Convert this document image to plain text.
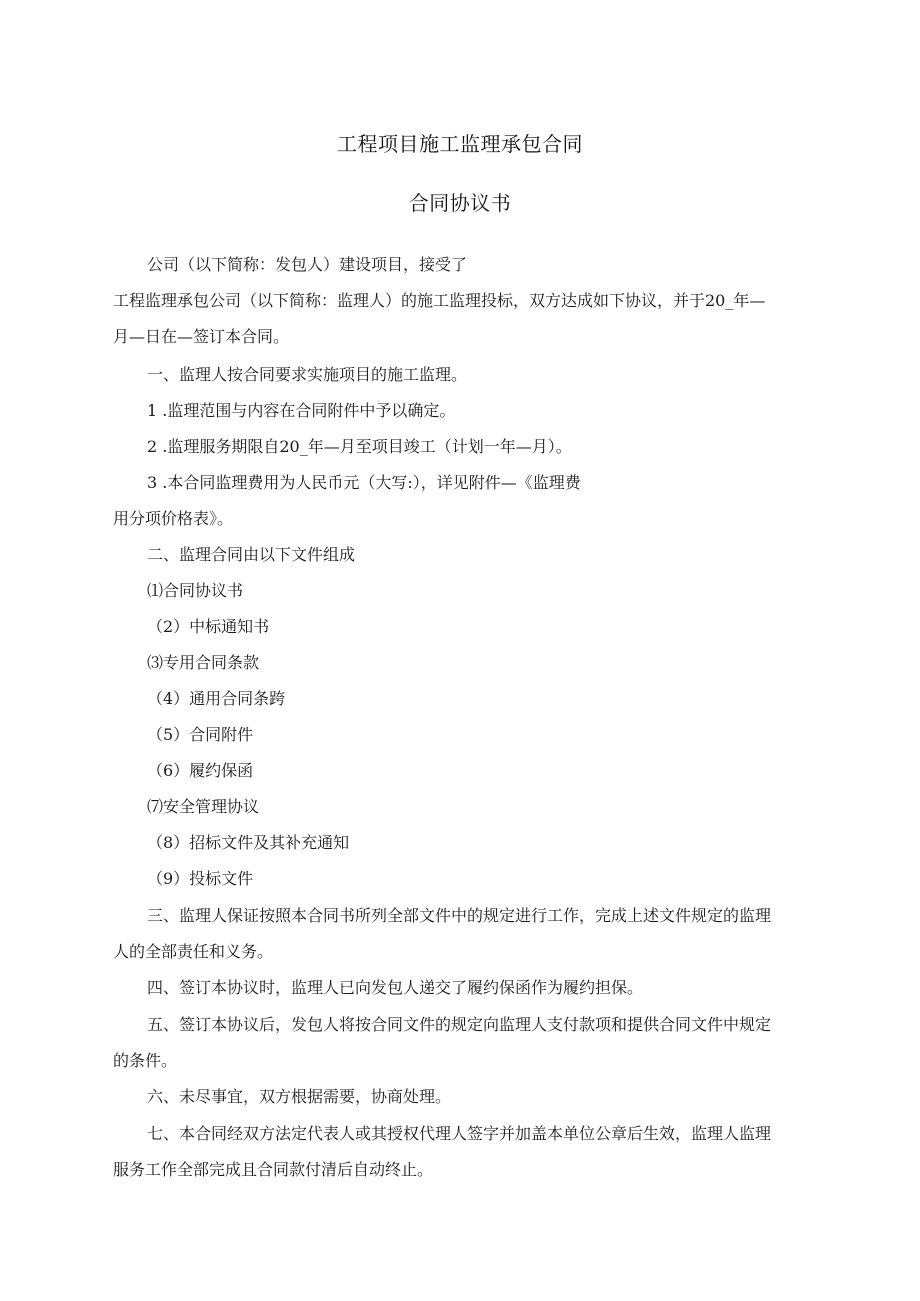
工程项目施工监理承包合同
合同协议书
公司（以下简称：发包人）建设项目，接受了
工程监理承包公司（以下简称：监理人）的施工监理投标，双方达成如下协议，并于20_年—
月—日在—签订本合同。
一、监理人按合同要求实施项目的施工监理。
1 .监理范围与内容在合同附件中予以确定。
2 .监理服务期限自20_年—月至项目竣工（计划一年—月）。
3 .本合同监理费用为人民币元（大写:），详见附件—《监理费
用分项价格表》。
二、监理合同由以下文件组成
⑴合同协议书
（2）中标通知书
⑶专用合同条款
（4）通用合同条跨
（5）合同附件
（6）履约保函
⑺安全管理协议
（8）招标文件及其补充通知
（9）投标文件
三、监理人保证按照本合同书所列全部文件中的规定进行工作，完成上述文件规定的监理
人的全部责任和义务。
四、签订本协议时，监理人已向发包人递交了履约保函作为履约担保。
五、签订本协议后，发包人将按合同文件的规定向监理人支付款项和提供合同文件中规定
的条件。
六、未尽事宜，双方根据需要，协商处理。
七、本合同经双方法定代表人或其授权代理人签字并加盖本单位公章后生效，监理人监理
服务工作全部完成且合同款付清后自动终止。
